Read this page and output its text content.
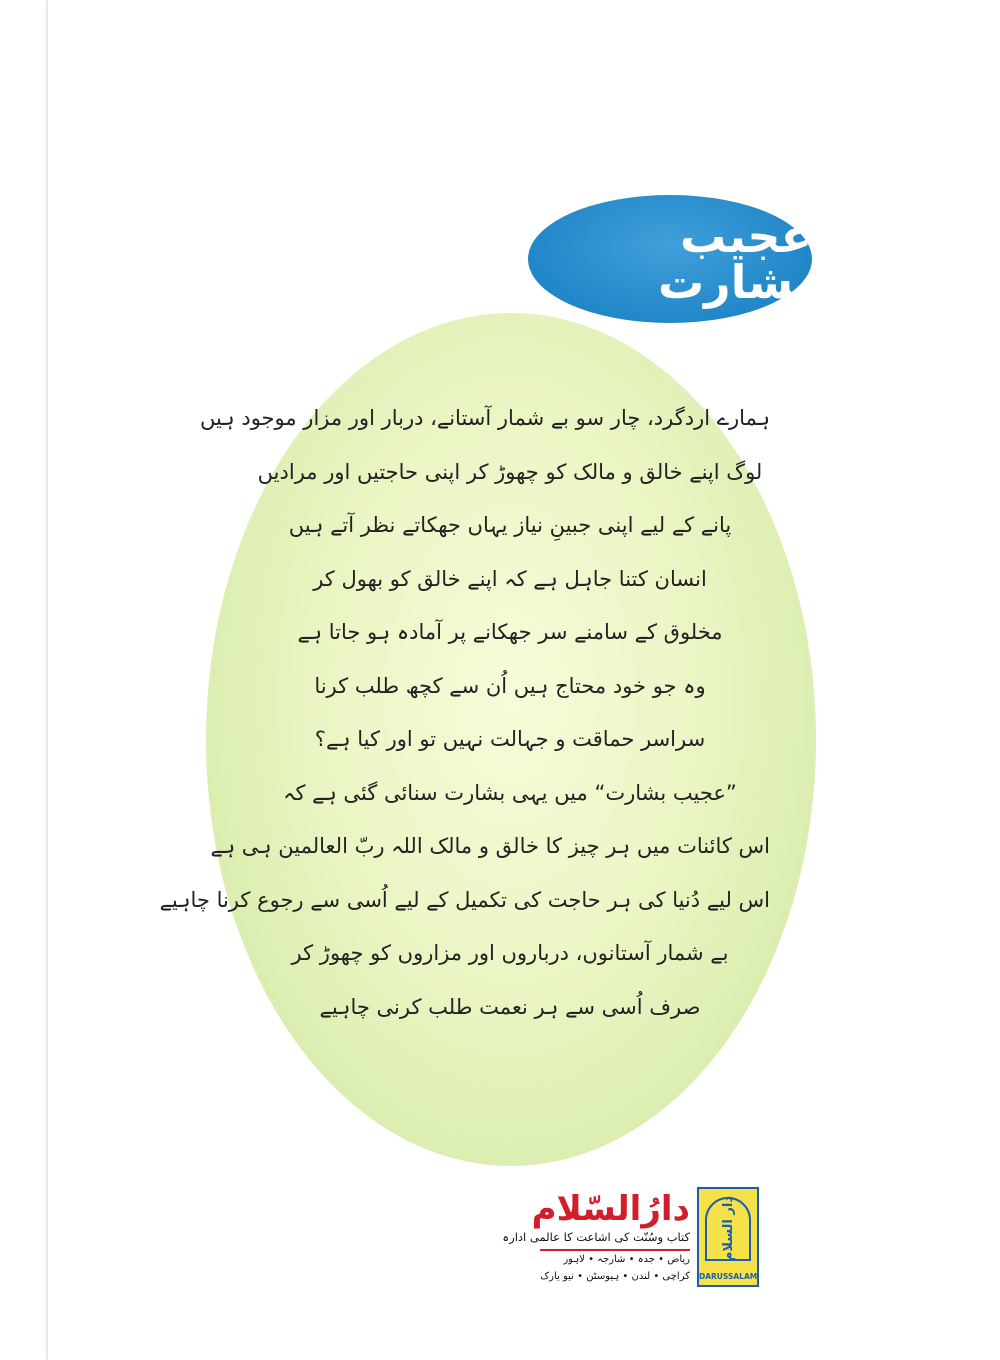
عجیب بشارت
ہمارے اردگرد، چار سو بے شمار آستانے، دربار اور مزار موجود ہیں
لوگ اپنے خالق و مالک کو چھوڑ کر اپنی حاجتیں اور مرادیں
پانے کے لیے اپنی جبینِ نیاز یہاں جھکاتے نظر آتے ہیں
انسان کتنا جاہل ہے کہ اپنے خالق کو بھول کر
مخلوق کے سامنے سر جھکانے پر آمادہ ہو جاتا ہے
وہ جو خود محتاج ہیں اُن سے کچھ طلب کرنا
سراسر حماقت و جہالت نہیں تو اور کیا ہے؟
”عجیب بشارت“ میں یہی بشارت سنائی گئی ہے کہ
اس کائنات میں ہر چیز کا خالق و مالک اللہ ربّ العالمین ہی ہے
اس لیے دُنیا کی ہر حاجت کی تکمیل کے لیے اُسی سے رجوع کرنا چاہیے
بے شمار آستانوں، درباروں اور مزاروں کو چھوڑ کر
صرف اُسی سے ہر نعمت طلب کرنی چاہیے
دارُالسّلام
کتاب وسُنّت کی اشاعت کا عالمی ادارہ
ریاض • جدہ • شارجہ • لاہور
کراچی • لندن • ہیوسٹن • نیو یارک
دار السلام
DARUSSALAM
